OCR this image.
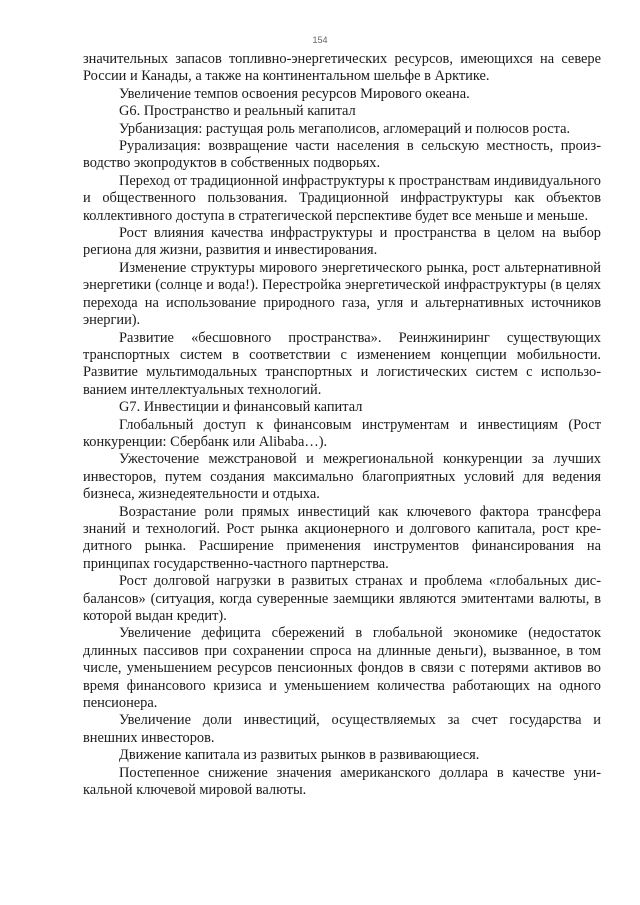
154

значительных запасов топливно-энергетических ресурсов, имеющихся на севере России и Канады, а также на континентальном шельфе в Арктике.

Увеличение темпов освоения ресурсов Мирового океана.

G6. Пространство и реальный капитал

Урбанизация: растущая роль мегаполисов, агломераций и полюсов роста.

Рурализация: возвращение части населения в сельскую местность, производство экопродуктов в собственных подворьях.

Переход от традиционной инфраструктуры к пространствам индивидуального и общественного пользования. Традиционной инфраструктуры как объектов коллективного доступа в стратегической перспективе будет все меньше и меньше.

Рост влияния качества инфраструктуры и пространства в целом на выбор региона для жизни, развития и инвестирования.

Изменение структуры мирового энергетического рынка, рост альтернативной энергетики (солнце и вода!). Перестройка энергетической инфраструктуры (в целях перехода на использование природного газа, угля и альтернативных источников энергии).

Развитие «бесшовного пространства». Реинжиниринг существующих транспортных систем в соответствии с изменением концепции мобильности. Развитие мультимодальных транспортных и логистических систем с использованием интеллектуальных технологий.

G7. Инвестиции и финансовый капитал

Глобальный доступ к финансовым инструментам и инвестициям (Рост конкуренции: Сбербанк или Alibaba…).

Ужесточение межстрановой и межрегиональной конкуренции за лучших инвесторов, путем создания максимально благоприятных условий для ведения бизнеса, жизнедеятельности и отдыха.

Возрастание роли прямых инвестиций как ключевого фактора трансфера знаний и технологий. Рост рынка акционерного и долгового капитала, рост кредитного рынка. Расширение применения инструментов финансирования на принципах государственно-частного партнерства.

Рост долговой нагрузки в развитых странах и проблема «глобальных дисбалансов» (ситуация, когда суверенные заемщики являются эмитентами валюты, в которой выдан кредит).

Увеличение дефицита сбережений в глобальной экономике (недостаток длинных пассивов при сохранении спроса на длинные деньги), вызванное, в том числе, уменьшением ресурсов пенсионных фондов в связи с потерями активов во время финансового кризиса и уменьшением количества работающих на одного пенсионера.

Увеличение доли инвестиций, осуществляемых за счет государства и внешних инвесторов.

Движение капитала из развитых рынков в развивающиеся.

Постепенное снижение значения американского доллара в качестве уникальной ключевой мировой валюты.
